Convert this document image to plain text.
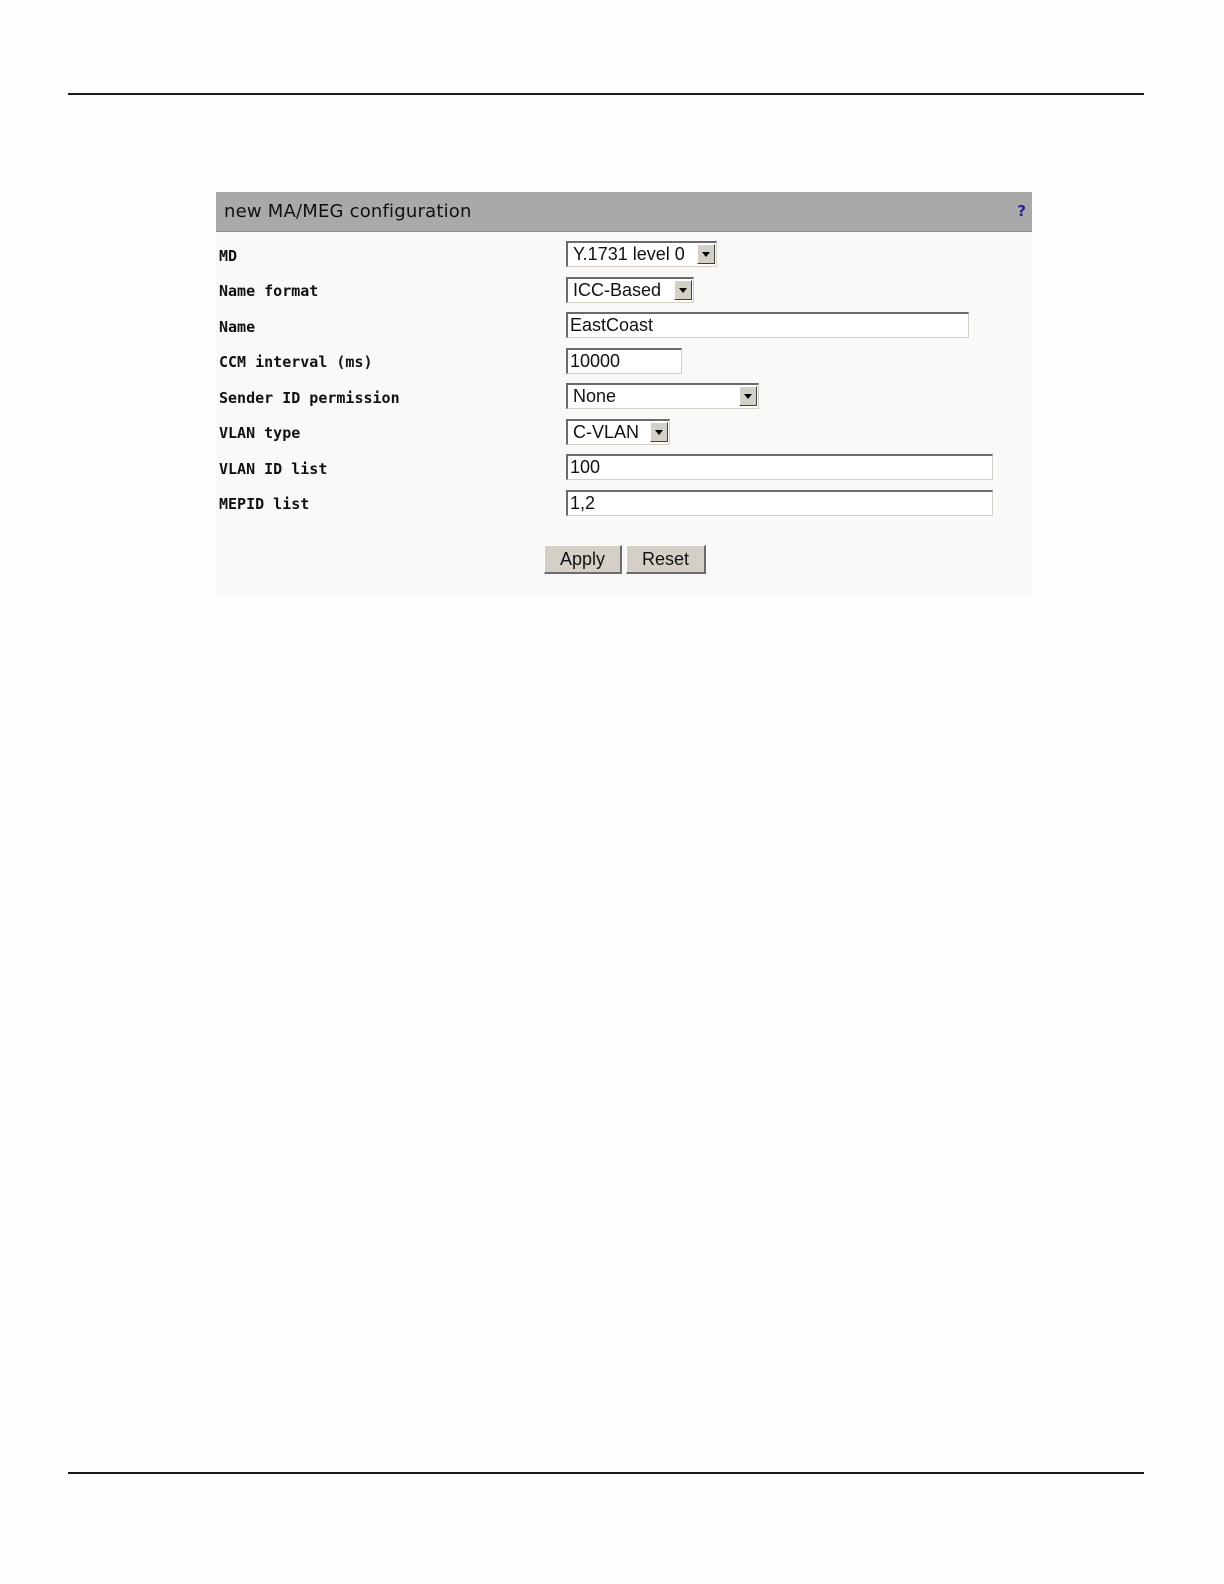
new MA/MEG configuration	?
MD	Y.1731 level 0
Name format	ICC-Based
Name	EastCoast
CCM interval (ms)	10000
Sender ID permission	None
VLAN type	C-VLAN
VLAN ID list	100
MEPID list	1,2
Apply	Reset
